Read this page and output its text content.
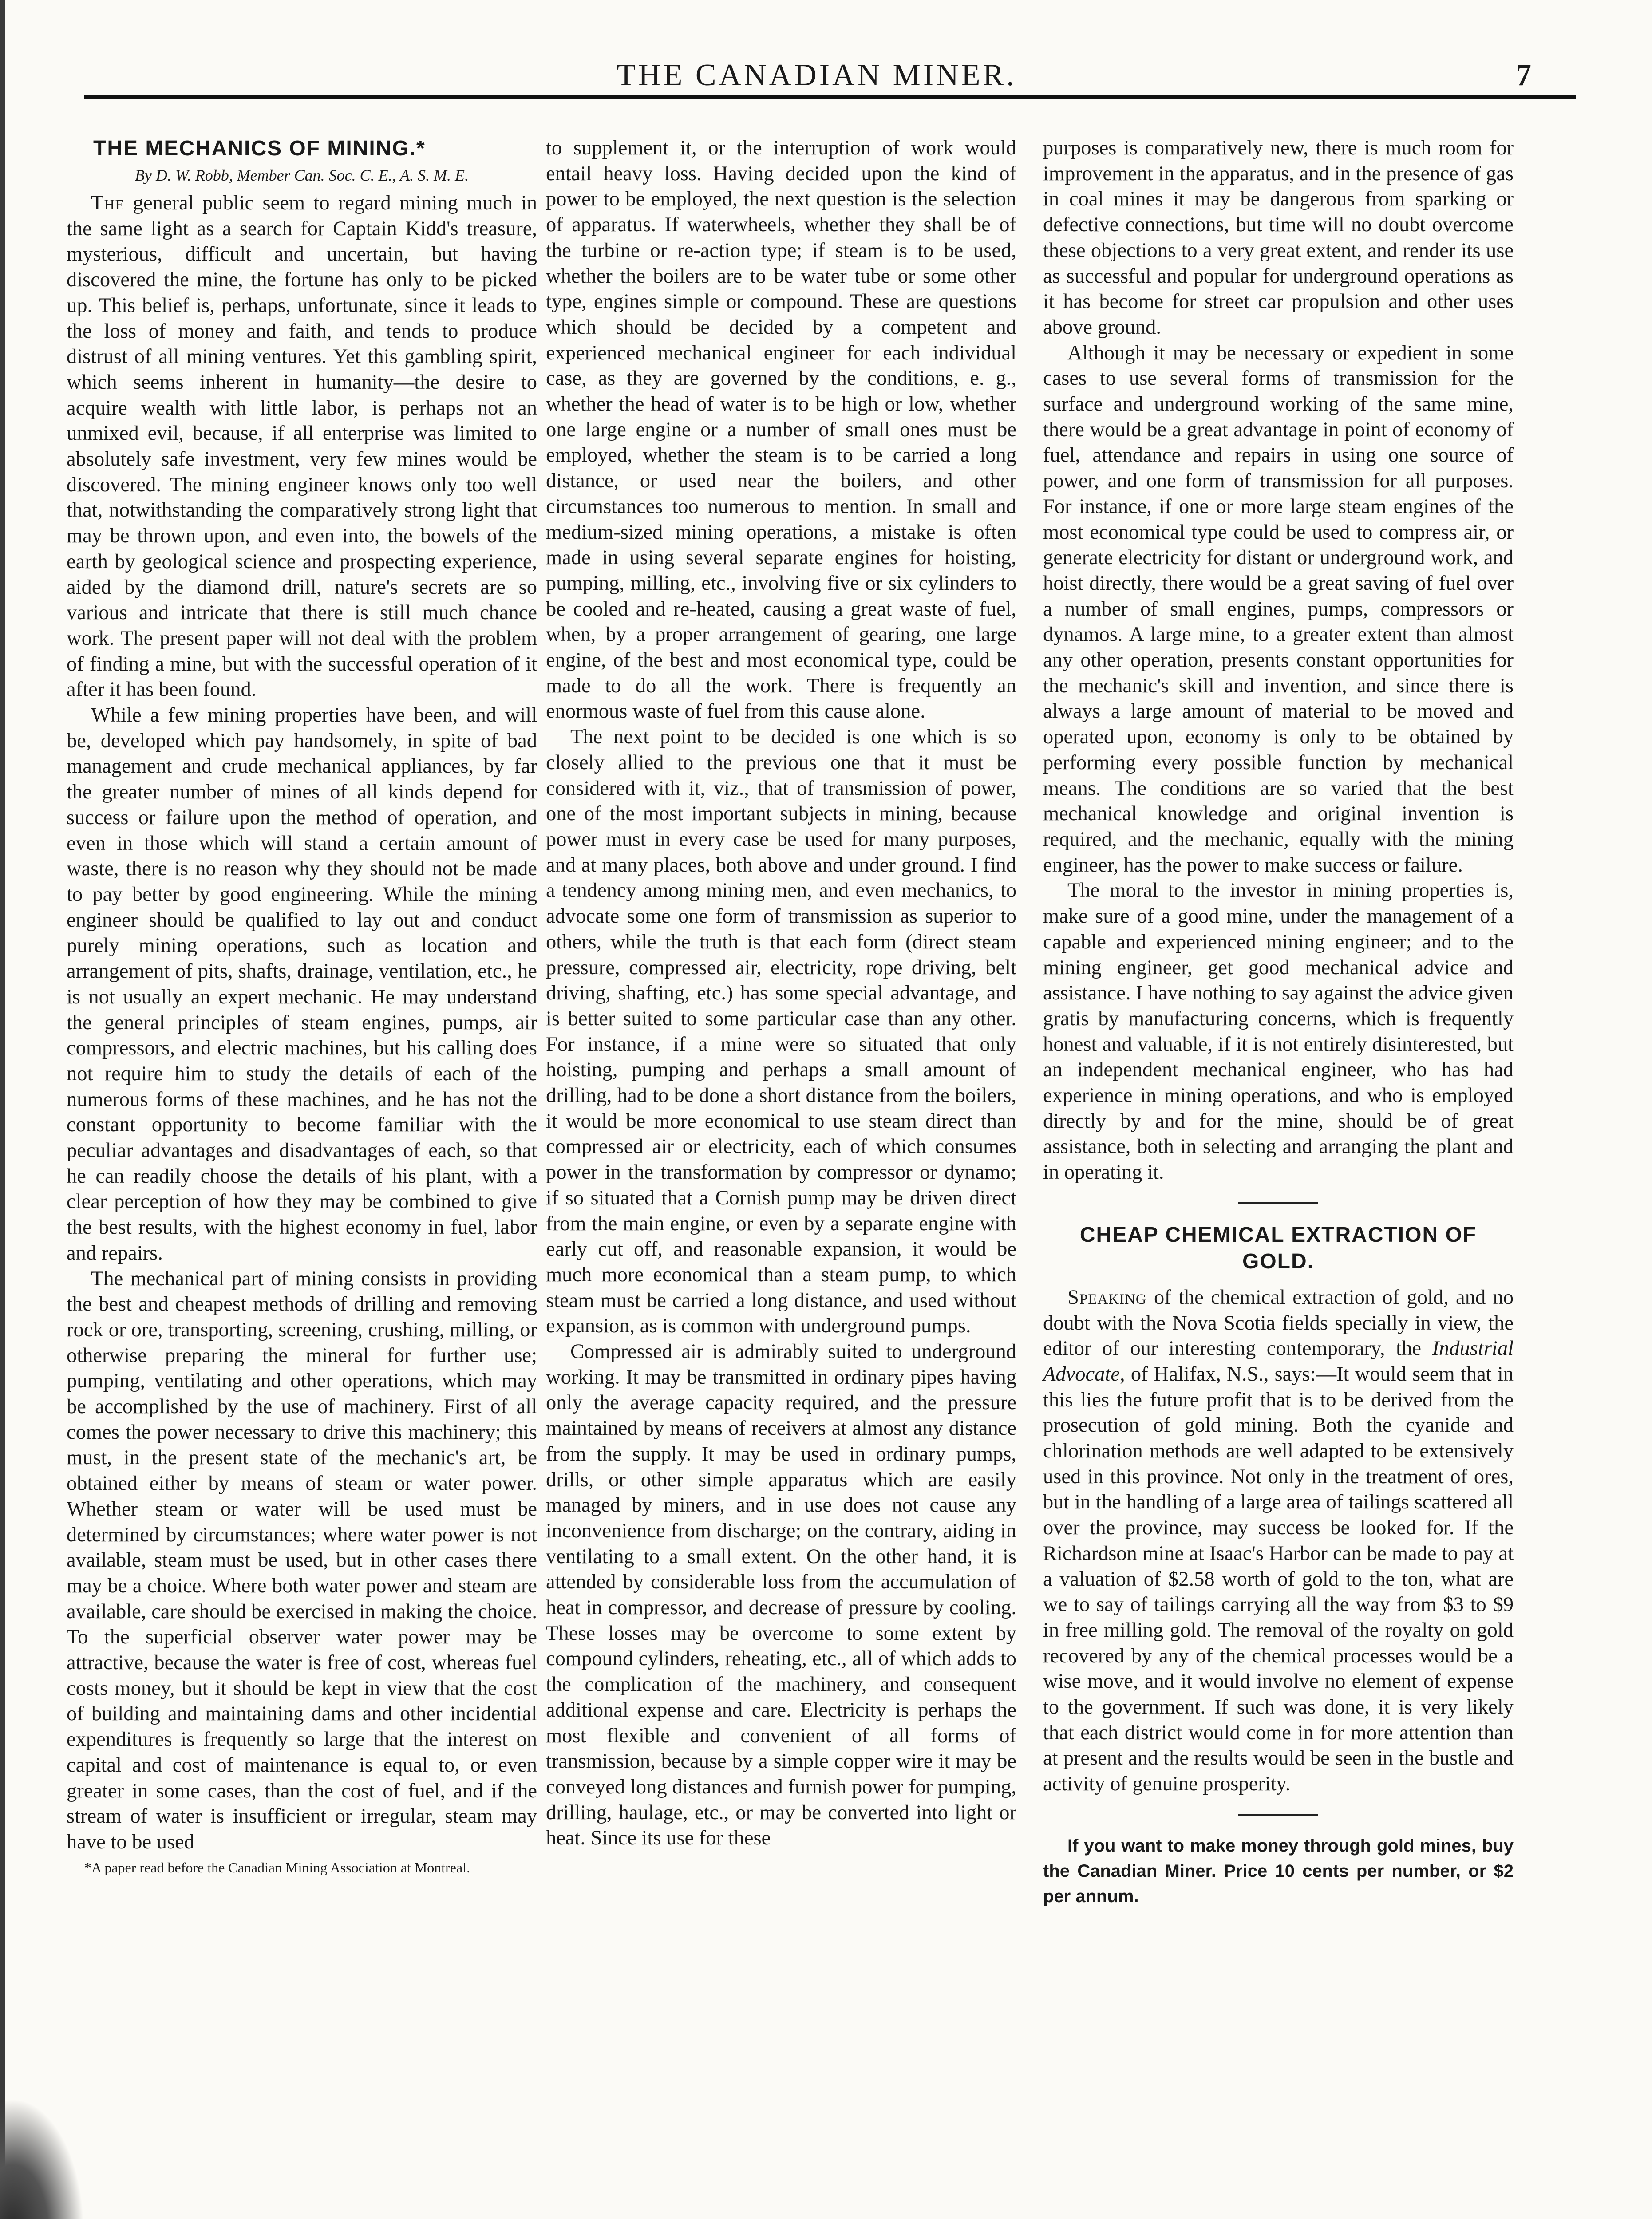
THE CANADIAN MINER.	7
THE MECHANICS OF MINING.*
By D. W. Robb, Member Can. Soc. C. E., A. S. M. E.

The general public seem to regard mining much in the same light as a search for Captain Kidd's treasure, mysterious, difficult and uncertain, but having discovered the mine, the fortune has only to be picked up. This belief is, perhaps, unfortunate, since it leads to the loss of money and faith, and tends to produce distrust of all mining ventures. Yet this gambling spirit, which seems inherent in humanity—the desire to acquire wealth with little labor, is perhaps not an unmixed evil, because, if all enterprise was limited to absolutely safe investment, very few mines would be discovered. The mining engineer knows only too well that, notwithstanding the comparatively strong light that may be thrown upon, and even into, the bowels of the earth by geological science and prospecting experience, aided by the diamond drill, nature's secrets are so various and intricate that there is still much chance work. The present paper will not deal with the problem of finding a mine, but with the successful operation of it after it has been found.

While a few mining properties have been, and will be, developed which pay handsomely, in spite of bad management and crude mechanical appliances, by far the greater number of mines of all kinds depend for success or failure upon the method of operation, and even in those which will stand a certain amount of waste, there is no reason why they should not be made to pay better by good engineering. While the mining engineer should be qualified to lay out and conduct purely mining operations, such as location and arrangement of pits, shafts, drainage, ventilation, etc., he is not usually an expert mechanic. He may understand the general principles of steam engines, pumps, air compressors, and electric machines, but his calling does not require him to study the details of each of the numerous forms of these machines, and he has not the constant opportunity to become familiar with the peculiar advantages and disadvantages of each, so that he can readily choose the details of his plant, with a clear perception of how they may be combined to give the best results, with the highest economy in fuel, labor and repairs.

The mechanical part of mining consists in providing the best and cheapest methods of drilling and removing rock or ore, transporting, screening, crushing, milling, or otherwise preparing the mineral for further use; pumping, ventilating and other operations, which may be accomplished by the use of machinery. First of all comes the power necessary to drive this machinery; this must, in the present state of the mechanic's art, be obtained either by means of steam or water power. Whether steam or water will be used must be determined by circumstances; where water power is not available, steam must be used, but in other cases there may be a choice. Where both water power and steam are available, care should be exercised in making the choice. To the superficial observer water power may be attractive, because the water is free of cost, whereas fuel costs money, but it should be kept in view that the cost of building and maintaining dams and other incidential expenditures is frequently so large that the interest on capital and cost of maintenance is equal to, or even greater in some cases, than the cost of fuel, and if the stream of water is insufficient or irregular, steam may have to be used

*A paper read before the Canadian Mining Association at Montreal.

to supplement it, or the interruption of work would entail heavy loss. Having decided upon the kind of power to be employed, the next question is the selection of apparatus. If waterwheels, whether they shall be of the turbine or re-action type; if steam is to be used, whether the boilers are to be water tube or some other type, engines simple or compound. These are questions which should be decided by a competent and experienced mechanical engineer for each individual case, as they are governed by the conditions, e. g., whether the head of water is to be high or low, whether one large engine or a number of small ones must be employed, whether the steam is to be carried a long distance, or used near the boilers, and other circumstances too numerous to mention. In small and medium-sized mining operations, a mistake is often made in using several separate engines for hoisting, pumping, milling, etc., involving five or six cylinders to be cooled and re-heated, causing a great waste of fuel, when, by a proper arrangement of gearing, one large engine, of the best and most economical type, could be made to do all the work. There is frequently an enormous waste of fuel from this cause alone.

The next point to be decided is one which is so closely allied to the previous one that it must be considered with it, viz., that of transmission of power, one of the most important subjects in mining, because power must in every case be used for many purposes, and at many places, both above and under ground. I find a tendency among mining men, and even mechanics, to advocate some one form of transmission as superior to others, while the truth is that each form (direct steam pressure, compressed air, electricity, rope driving, belt driving, shafting, etc.) has some special advantage, and is better suited to some particular case than any other. For instance, if a mine were so situated that only hoisting, pumping and perhaps a small amount of drilling, had to be done a short distance from the boilers, it would be more economical to use steam direct than compressed air or electricity, each of which consumes power in the transformation by compressor or dynamo; if so situated that a Cornish pump may be driven direct from the main engine, or even by a separate engine with early cut off, and reasonable expansion, it would be much more economical than a steam pump, to which steam must be carried a long distance, and used without expansion, as is common with underground pumps.

Compressed air is admirably suited to underground working. It may be transmitted in ordinary pipes having only the average capacity required, and the pressure maintained by means of receivers at almost any distance from the supply. It may be used in ordinary pumps, drills, or other simple apparatus which are easily managed by miners, and in use does not cause any inconvenience from discharge; on the contrary, aiding in ventilating to a small extent. On the other hand, it is attended by considerable loss from the accumulation of heat in compressor, and decrease of pressure by cooling. These losses may be overcome to some extent by compound cylinders, reheating, etc., all of which adds to the complication of the machinery, and consequent additional expense and care. Electricity is perhaps the most flexible and convenient of all forms of transmission, because by a simple copper wire it may be conveyed long distances and furnish power for pumping, drilling, haulage, etc., or may be converted into light or heat. Since its use for these

purposes is comparatively new, there is much room for improvement in the apparatus, and in the presence of gas in coal mines it may be dangerous from sparking or defective connections, but time will no doubt overcome these objections to a very great extent, and render its use as successful and popular for underground operations as it has become for street car propulsion and other uses above ground.

Although it may be necessary or expedient in some cases to use several forms of transmission for the surface and underground working of the same mine, there would be a great advantage in point of economy of fuel, attendance and repairs in using one source of power, and one form of transmission for all purposes. For instance, if one or more large steam engines of the most economical type could be used to compress air, or generate electricity for distant or underground work, and hoist directly, there would be a great saving of fuel over a number of small engines, pumps, compressors or dynamos. A large mine, to a greater extent than almost any other operation, presents constant opportunities for the mechanic's skill and invention, and since there is always a large amount of material to be moved and operated upon, economy is only to be obtained by performing every possible function by mechanical means. The conditions are so varied that the best mechanical knowledge and original invention is required, and the mechanic, equally with the mining engineer, has the power to make success or failure.

The moral to the investor in mining properties is, make sure of a good mine, under the management of a capable and experienced mining engineer; and to the mining engineer, get good mechanical advice and assistance. I have nothing to say against the advice given gratis by manufacturing concerns, which is frequently honest and valuable, if it is not entirely disinterested, but an independent mechanical engineer, who has had experience in mining operations, and who is employed directly by and for the mine, should be of great assistance, both in selecting and arranging the plant and in operating it.

CHEAP CHEMICAL EXTRACTION OF GOLD.

Speaking of the chemical extraction of gold, and no doubt with the Nova Scotia fields specially in view, the editor of our interesting contemporary, the Industrial Advocate, of Halifax, N.S., says:—It would seem that in this lies the future profit that is to be derived from the prosecution of gold mining. Both the cyanide and chlorination methods are well adapted to be extensively used in this province. Not only in the treatment of ores, but in the handling of a large area of tailings scattered all over the province, may success be looked for. If the Richardson mine at Isaac's Harbor can be made to pay at a valuation of $2.58 worth of gold to the ton, what are we to say of tailings carrying all the way from $3 to $9 in free milling gold. The removal of the royalty on gold recovered by any of the chemical processes would be a wise move, and it would involve no element of expense to the government. If such was done, it is very likely that each district would come in for more attention than at present and the results would be seen in the bustle and activity of genuine prosperity.

If you want to make money through gold mines, buy the Canadian Miner. Price 10 cents per number, or $2 per annum.
